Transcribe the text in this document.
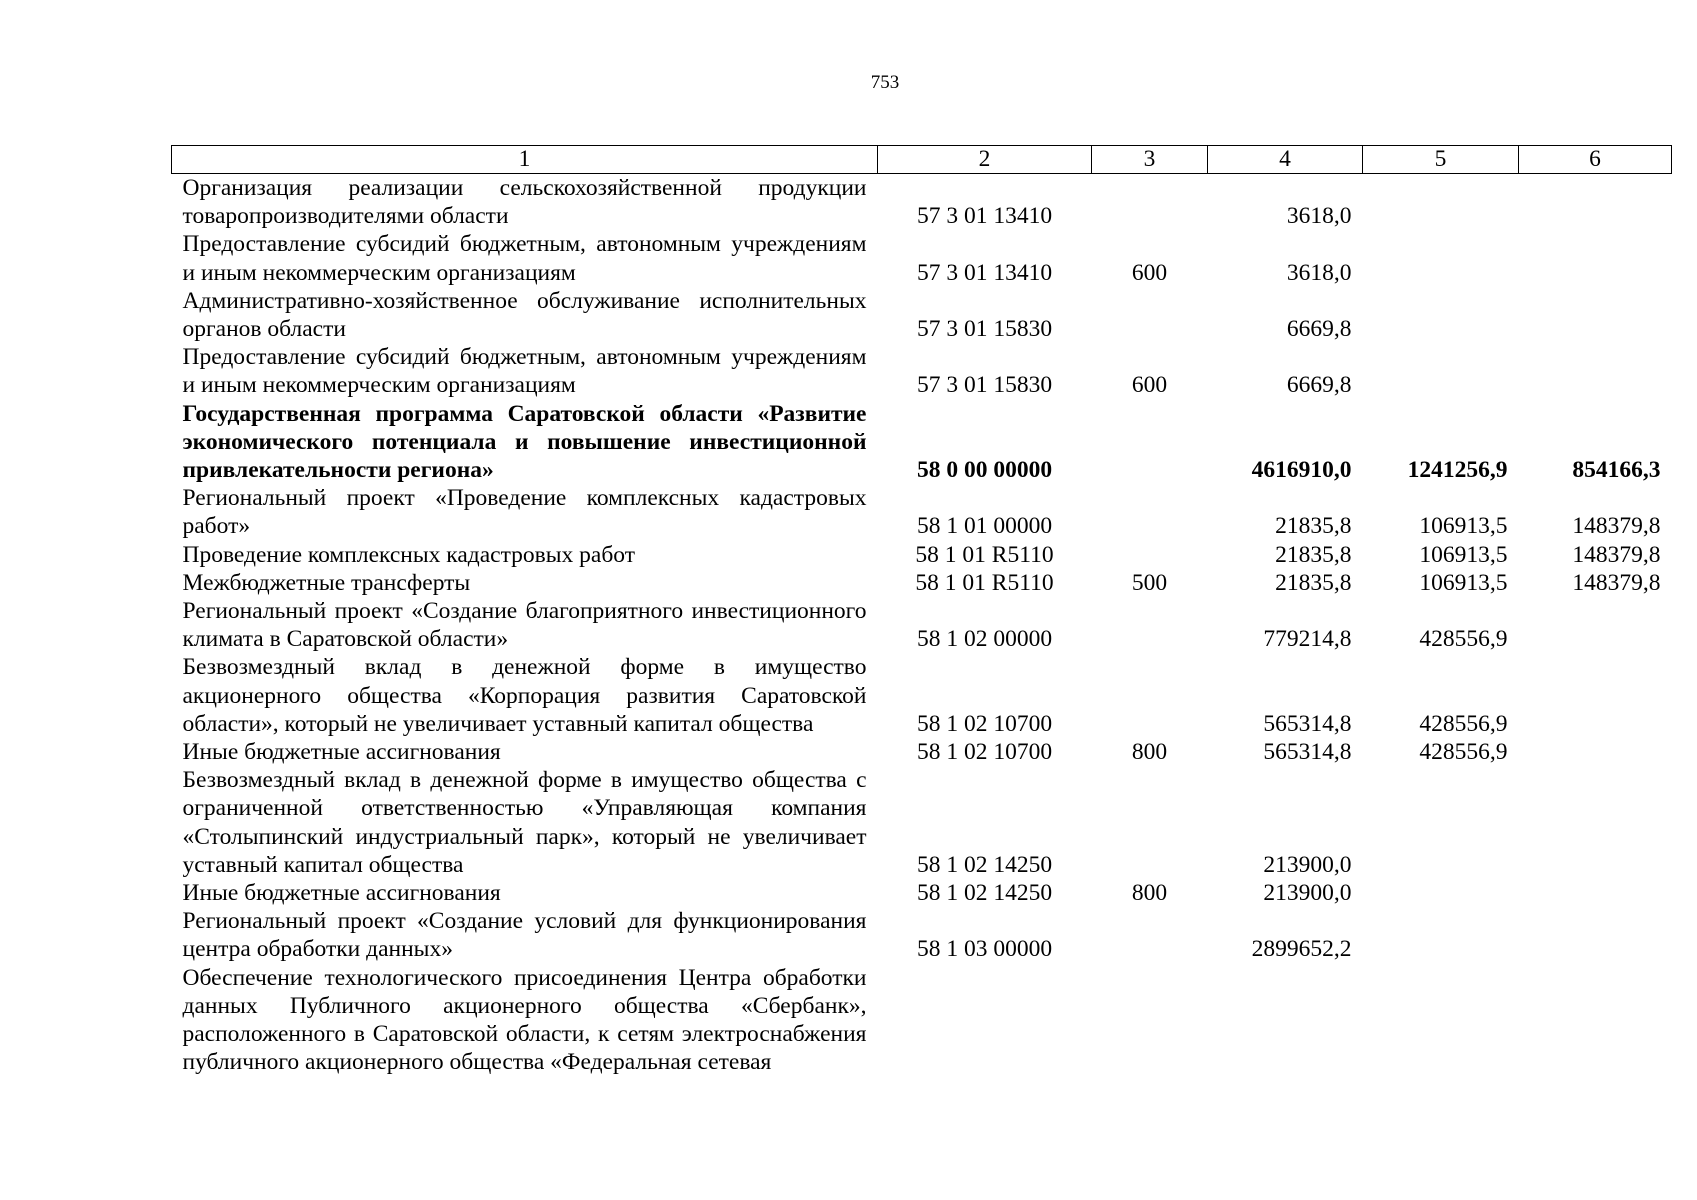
753
1	2	3	4	5	6
Организация реализации сельскохозяйственной продукции товаропроизводителями области	57 3 01 13410		3618,0		
Предоставление субсидий бюджетным, автономным учреждениям и иным некоммерческим организациям	57 3 01 13410	600	3618,0		
Административно-хозяйственное обслуживание исполнительных органов области	57 3 01 15830		6669,8		
Предоставление субсидий бюджетным, автономным учреждениям и иным некоммерческим организациям	57 3 01 15830	600	6669,8		
Государственная программа Саратовской области «Развитие экономического потенциала и повышение инвестиционной привлекательности региона»	58 0 00 00000		4616910,0	1241256,9	854166,3
Региональный проект «Проведение комплексных кадастровых работ»	58 1 01 00000		21835,8	106913,5	148379,8
Проведение комплексных кадастровых работ	58 1 01 R5110		21835,8	106913,5	148379,8
Межбюджетные трансферты	58 1 01 R5110	500	21835,8	106913,5	148379,8
Региональный проект «Создание благоприятного инвестиционного климата в Саратовской области»	58 1 02 00000		779214,8	428556,9	
Безвозмездный вклад в денежной форме в имущество акционерного общества «Корпорация развития Саратовской области», который не увеличивает уставный капитал общества	58 1 02 10700		565314,8	428556,9	
Иные бюджетные ассигнования	58 1 02 10700	800	565314,8	428556,9	
Безвозмездный вклад в денежной форме в имущество общества с ограниченной ответственностью «Управляющая компания «Столыпинский индустриальный парк», который не увеличивает уставный капитал общества	58 1 02 14250		213900,0		
Иные бюджетные ассигнования	58 1 02 14250	800	213900,0		
Региональный проект «Создание условий для функционирования центра обработки данных»	58 1 03 00000		2899652,2		
Обеспечение технологического присоединения Центра обработки данных Публичного акционерного общества «Сбербанк», расположенного в Саратовской области, к сетям электроснабжения публичного акционерного общества «Федеральная сетевая					
